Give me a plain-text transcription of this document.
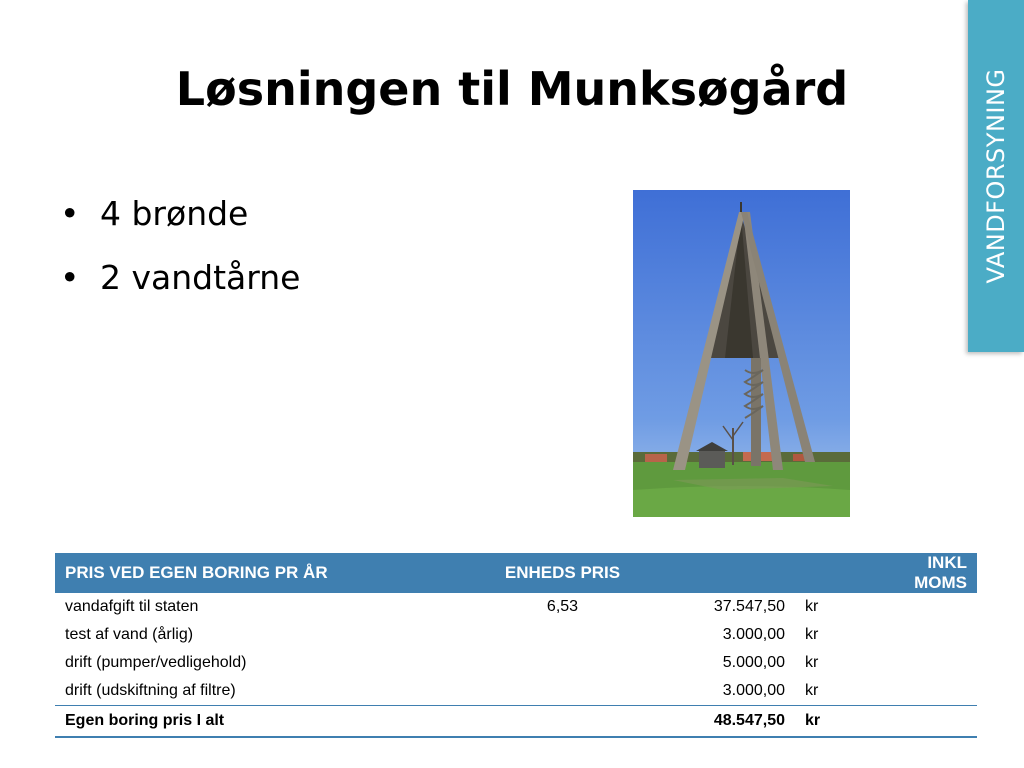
Løsningen til Munksøgård
• 4 brønde
• 2 vandtårne	VANDFORSYNING
PRIS VED EGEN BORING PR ÅR	ENHEDS PRIS			INKL MOMS
vandafgift til staten	6,53	37.547,50	kr	
test af vand (årlig)		3.000,00	kr	
drift (pumper/vedligehold)		5.000,00	kr	
drift (udskiftning af filtre)		3.000,00	kr	
Egen boring pris I alt		48.547,50	kr	
